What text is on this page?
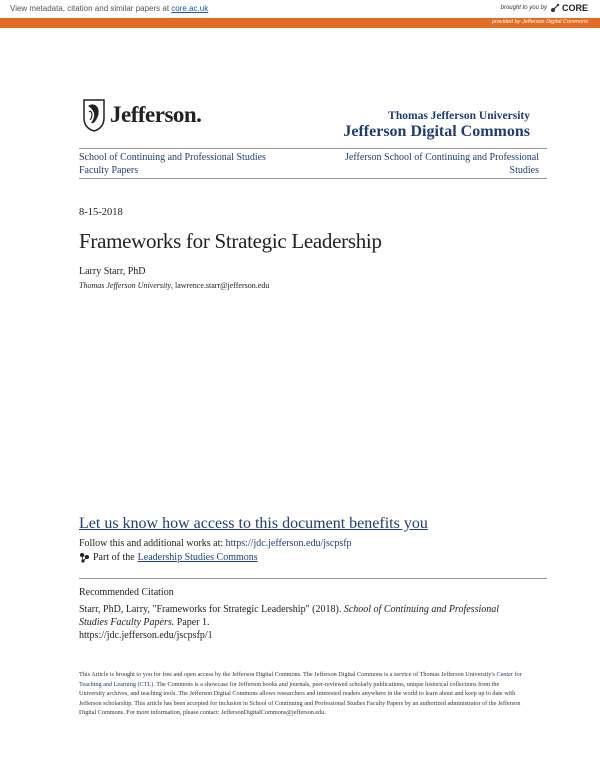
View metadata, citation and similar papers at core.ac.uk	brought to you by CORE
provided by Jefferson Digital Commons
Jefferson.	Thomas Jefferson University
Jefferson Digital Commons
School of Continuing and Professional Studies
Faculty Papers
Jefferson School of Continuing and Professional
Studies
8-15-2018
Frameworks for Strategic Leadership
Larry Starr, PhD
Thomas Jefferson University, lawrence.starr@jefferson.edu
Let us know how access to this document benefits you
Follow this and additional works at: https://jdc.jefferson.edu/jscpsfp
Part of the Leadership Studies Commons
Recommended Citation
Starr, PhD, Larry, "Frameworks for Strategic Leadership" (2018). School of Continuing and Professional Studies Faculty Papers. Paper 1.
https://jdc.jefferson.edu/jscpsfp/1
This Article is brought to you for free and open access by the Jefferson Digital Commons. The Jefferson Digital Commons is a service of Thomas Jefferson University's Center for Teaching and Learning (CTL). The Commons is a showcase for Jefferson books and journals, peer-reviewed scholarly publications, unique historical collections from the University archives, and teaching tools. The Jefferson Digital Commons allows researchers and interested readers anywhere in the world to learn about and keep up to date with Jefferson scholarship. This article has been accepted for inclusion in School of Continuing and Professional Studies Faculty Papers by an authorized administrator of the Jefferson Digital Commons. For more information, please contact: JeffersonDigitalCommons@jefferson.edu.
